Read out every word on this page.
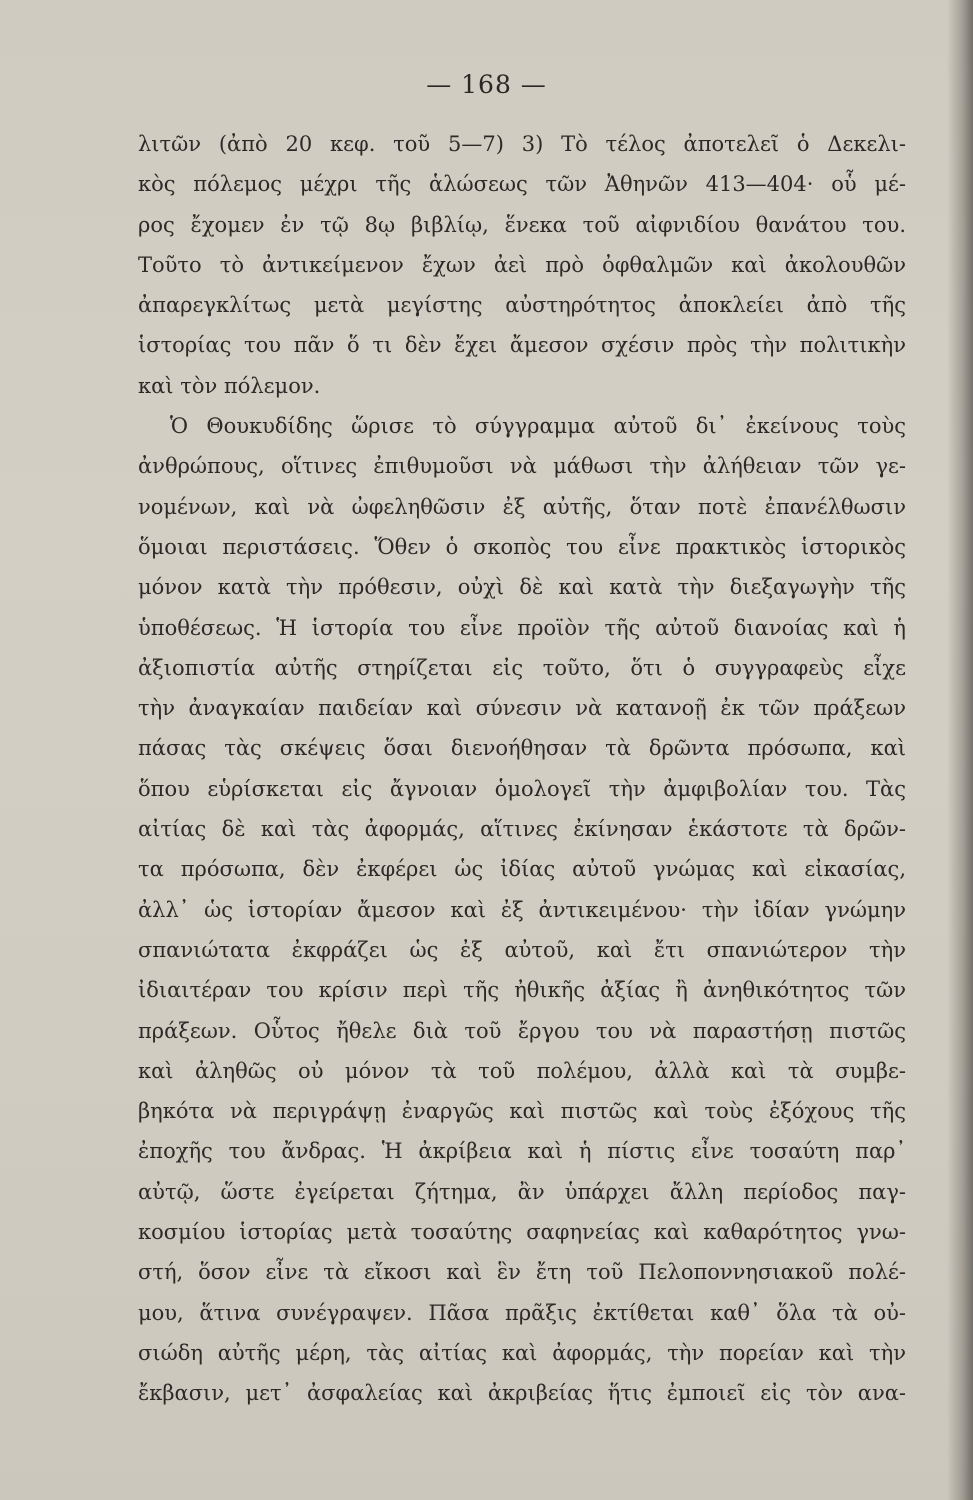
— 168 —
λιτῶν (ἀπὸ 20 κεφ. τοῦ 5—7) 3) Τὸ τέλος ἀποτελεῖ ὁ Δεκελι-
κὸς πόλεμος μέχρι τῆς ἁλώσεως τῶν Ἀθηνῶν 413—404· οὗ μέ-
ρος ἔχομεν ἐν τῷ 8ῳ βιβλίῳ, ἕνεκα τοῦ αἰφνιδίου θανάτου του.
Τοῦτο τὸ ἀντικείμενον ἔχων ἀεὶ πρὸ ὀφθαλμῶν καὶ ἀκολουθῶν
ἀπαρεγκλίτως μετὰ μεγίστης αὐστηρότητος ἀποκλείει ἀπὸ τῆς
ἱστορίας του πᾶν ὅ τι δὲν ἔχει ἄμεσον σχέσιν πρὸς τὴν πολιτικὴν
καὶ τὸν πόλεμον.
Ὁ Θουκυδίδης ὥρισε τὸ σύγγραμμα αὐτοῦ δι᾽ ἐκείνους τοὺς
ἀνθρώπους, οἵτινες ἐπιθυμοῦσι νὰ μάθωσι τὴν ἀλήθειαν τῶν γε-
νομένων, καὶ νὰ ὠφεληθῶσιν ἐξ αὐτῆς, ὅταν ποτὲ ἐπανέλθωσιν
ὅμοιαι περιστάσεις. Ὅθεν ὁ σκοπὸς του εἶνε πρακτικὸς ἱστορικὸς
μόνον κατὰ τὴν πρόθεσιν, οὐχὶ δὲ καὶ κατὰ τὴν διεξαγωγὴν τῆς
ὑποθέσεως. Ἡ ἱστορία του εἶνε προϊὸν τῆς αὐτοῦ διανοίας καὶ ἡ
ἀξιοπιστία αὐτῆς στηρίζεται εἰς τοῦτο, ὅτι ὁ συγγραφεὺς εἶχε
τὴν ἀναγκαίαν παιδείαν καὶ σύνεσιν νὰ κατανοῇ ἐκ τῶν πράξεων
πάσας τὰς σκέψεις ὅσαι διενοήθησαν τὰ δρῶντα πρόσωπα, καὶ
ὅπου εὑρίσκεται εἰς ἄγνοιαν ὁμολογεῖ τὴν ἀμφιβολίαν του. Τὰς
αἰτίας δὲ καὶ τὰς ἀφορμάς, αἵτινες ἐκίνησαν ἑκάστοτε τὰ δρῶν-
τα πρόσωπα, δὲν ἐκφέρει ὡς ἰδίας αὐτοῦ γνώμας καὶ εἰκασίας,
ἀλλ᾽ ὡς ἱστορίαν ἄμεσον καὶ ἐξ ἀντικειμένου· τὴν ἰδίαν γνώμην
σπανιώτατα ἐκφράζει ὡς ἐξ αὐτοῦ, καὶ ἔτι σπανιώτερον τὴν
ἰδιαιτέραν του κρίσιν περὶ τῆς ἠθικῆς ἀξίας ἢ ἀνηθικότητος τῶν
πράξεων. Οὗτος ἤθελε διὰ τοῦ ἔργου του νὰ παραστήσῃ πιστῶς
καὶ ἀληθῶς οὐ μόνον τὰ τοῦ πολέμου, ἀλλὰ καὶ τὰ συμβε-
βηκότα νὰ περιγράψῃ ἐναργῶς καὶ πιστῶς καὶ τοὺς ἐξόχους τῆς
ἐποχῆς του ἄνδρας. Ἡ ἀκρίβεια καὶ ἡ πίστις εἶνε τοσαύτη παρ᾽
αὐτῷ, ὥστε ἐγείρεται ζήτημα, ἂν ὑπάρχει ἄλλη περίοδος παγ-
κοσμίου ἱστορίας μετὰ τοσαύτης σαφηνείας καὶ καθαρότητος γνω-
στή, ὅσον εἶνε τὰ εἴκοσι καὶ ἓν ἔτη τοῦ Πελοποννησιακοῦ πολέ-
μου, ἅτινα συνέγραψεν. Πᾶσα πρᾶξις ἐκτίθεται καθ᾽ ὅλα τὰ οὐ-
σιώδη αὐτῆς μέρη, τὰς αἰτίας καὶ ἀφορμάς, τὴν πορείαν καὶ τὴν
ἔκβασιν, μετ᾽ ἀσφαλείας καὶ ἀκριβείας ἥτις ἐμποιεῖ εἰς τὸν ανα-
